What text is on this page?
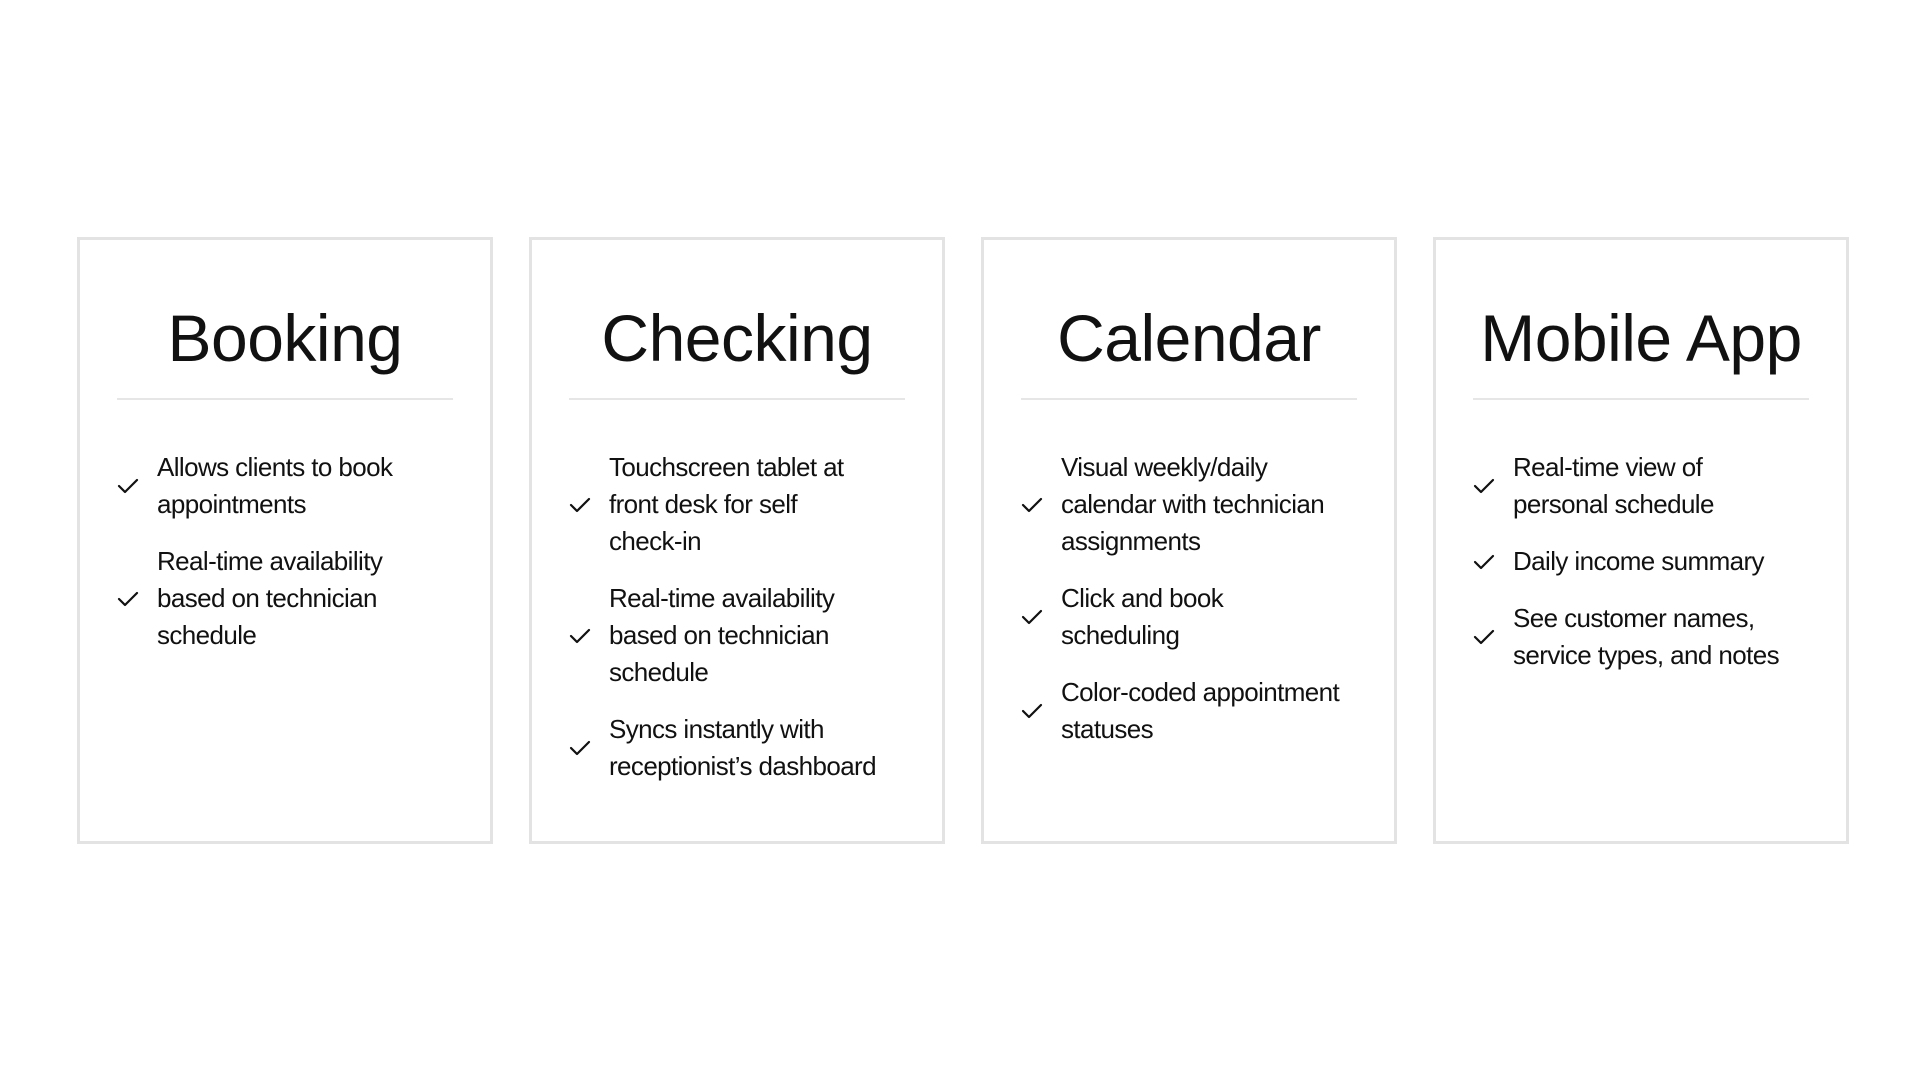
Booking
Allows clients to book appointments
Real-time availability based on technician schedule
Checking
Touchscreen tablet at front desk for self check-in
Real-time availability based on technician schedule
Syncs instantly with receptionist’s dashboard
Calendar
Visual weekly/daily calendar with technician assignments
Click and book scheduling
Color-coded appointment statuses
Mobile App
Real-time view of personal schedule
Daily income summary
See customer names, service types, and notes
